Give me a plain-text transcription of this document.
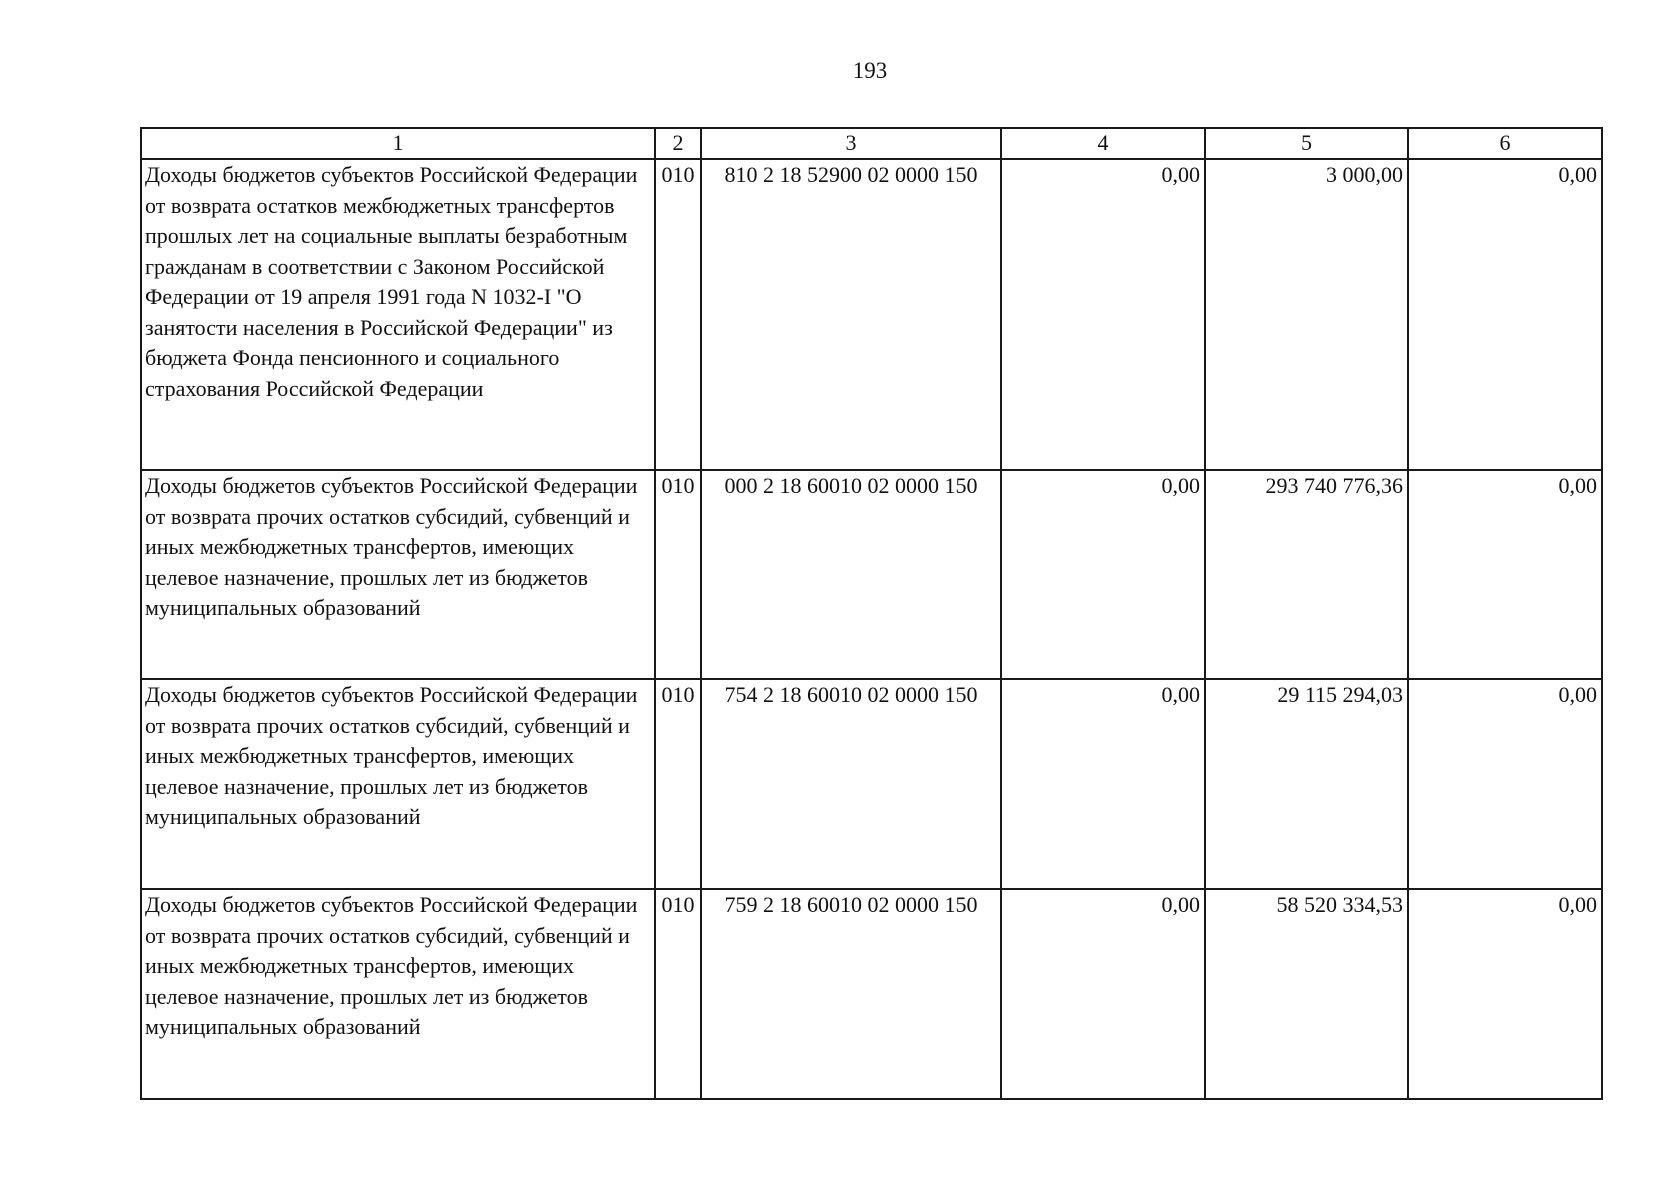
193
1	2	3	4	5	6
Доходы бюджетов субъектов Российской Федерации от возврата остатков межбюджетных трансфертов прошлых лет на социальные выплаты безработным гражданам в соответствии с Законом Российской Федерации от 19 апреля 1991 года N 1032-I "О занятости населения в Российской Федерации" из бюджета Фонда пенсионного и социального страхования Российской Федерации	010	810 2 18 52900 02 0000 150	0,00	3 000,00	0,00
Доходы бюджетов субъектов Российской Федерации от возврата прочих остатков субсидий, субвенций и иных межбюджетных трансфертов, имеющих целевое назначение, прошлых лет из бюджетов муниципальных образований	010	000 2 18 60010 02 0000 150	0,00	293 740 776,36	0,00
Доходы бюджетов субъектов Российской Федерации от возврата прочих остатков субсидий, субвенций и иных межбюджетных трансфертов, имеющих целевое назначение, прошлых лет из бюджетов муниципальных образований	010	754 2 18 60010 02 0000 150	0,00	29 115 294,03	0,00
Доходы бюджетов субъектов Российской Федерации от возврата прочих остатков субсидий, субвенций и иных межбюджетных трансфертов, имеющих целевое назначение, прошлых лет из бюджетов муниципальных образований	010	759 2 18 60010 02 0000 150	0,00	58 520 334,53	0,00
